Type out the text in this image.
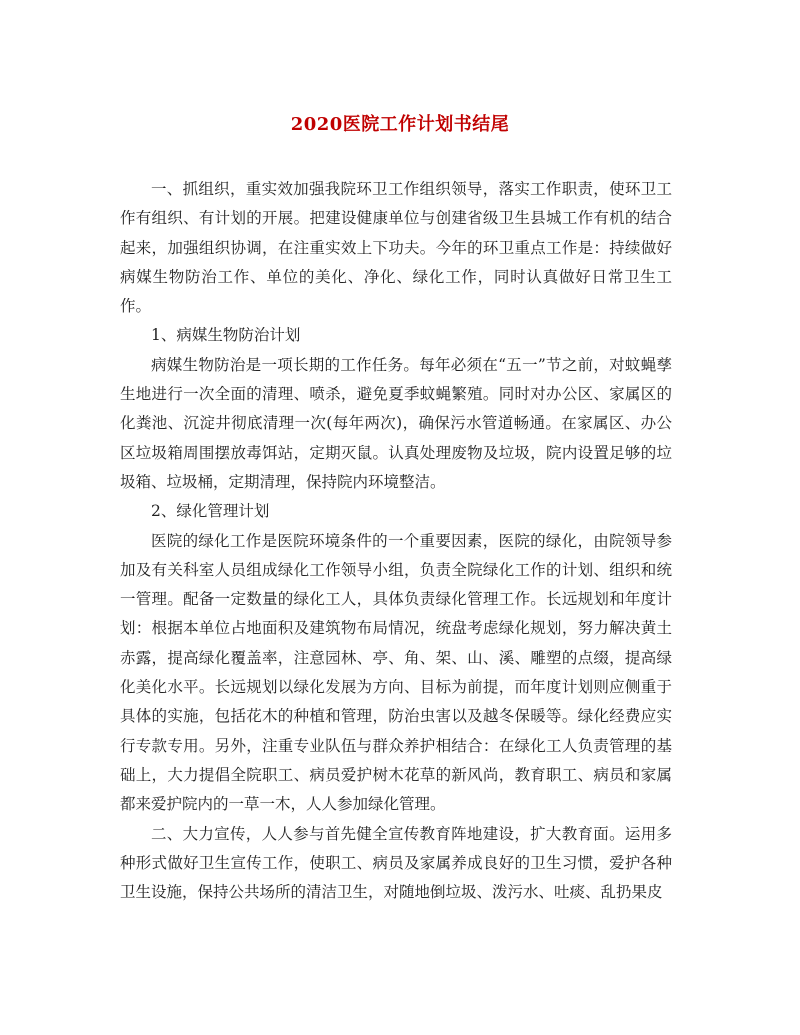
2020医院工作计划书结尾

一、抓组织，重实效加强我院环卫工作组织领导，落实工作职责，使环卫工作有组织、有计划的开展。把建设健康单位与创建省级卫生县城工作有机的结合起来，加强组织协调，在注重实效上下功夫。今年的环卫重点工作是：持续做好病媒生物防治工作、单位的美化、净化、绿化工作，同时认真做好日常卫生工作。

1、病媒生物防治计划

病媒生物防治是一项长期的工作任务。每年必须在“五一”节之前，对蚊蝇孳生地进行一次全面的清理、喷杀，避免夏季蚊蝇繁殖。同时对办公区、家属区的化粪池、沉淀井彻底清理一次(每年两次)，确保污水管道畅通。在家属区、办公区垃圾箱周围摆放毒饵站，定期灭鼠。认真处理废物及垃圾，院内设置足够的垃圾箱、垃圾桶，定期清理，保持院内环境整洁。

2、绿化管理计划

医院的绿化工作是医院环境条件的一个重要因素，医院的绿化，由院领导参加及有关科室人员组成绿化工作领导小组，负责全院绿化工作的计划、组织和统一管理。配备一定数量的绿化工人，具体负责绿化管理工作。长远规划和年度计划：根据本单位占地面积及建筑物布局情况，统盘考虑绿化规划，努力解决黄土赤露，提高绿化覆盖率，注意园林、亭、角、架、山、溪、雕塑的点缀，提高绿化美化水平。长远规划以绿化发展为方向、目标为前提，而年度计划则应侧重于具体的实施，包括花木的种植和管理，防治虫害以及越冬保暖等。绿化经费应实行专款专用。另外，注重专业队伍与群众养护相结合：在绿化工人负责管理的基础上，大力提倡全院职工、病员爱护树木花草的新风尚，教育职工、病员和家属都来爱护院内的一草一木，人人参加绿化管理。

二、大力宣传，人人参与首先健全宣传教育阵地建设，扩大教育面。运用多种形式做好卫生宣传工作，使职工、病员及家属养成良好的卫生习惯，爱护各种卫生设施，保持公共场所的清洁卫生，对随地倒垃圾、泼污水、吐痰、乱扔果皮
